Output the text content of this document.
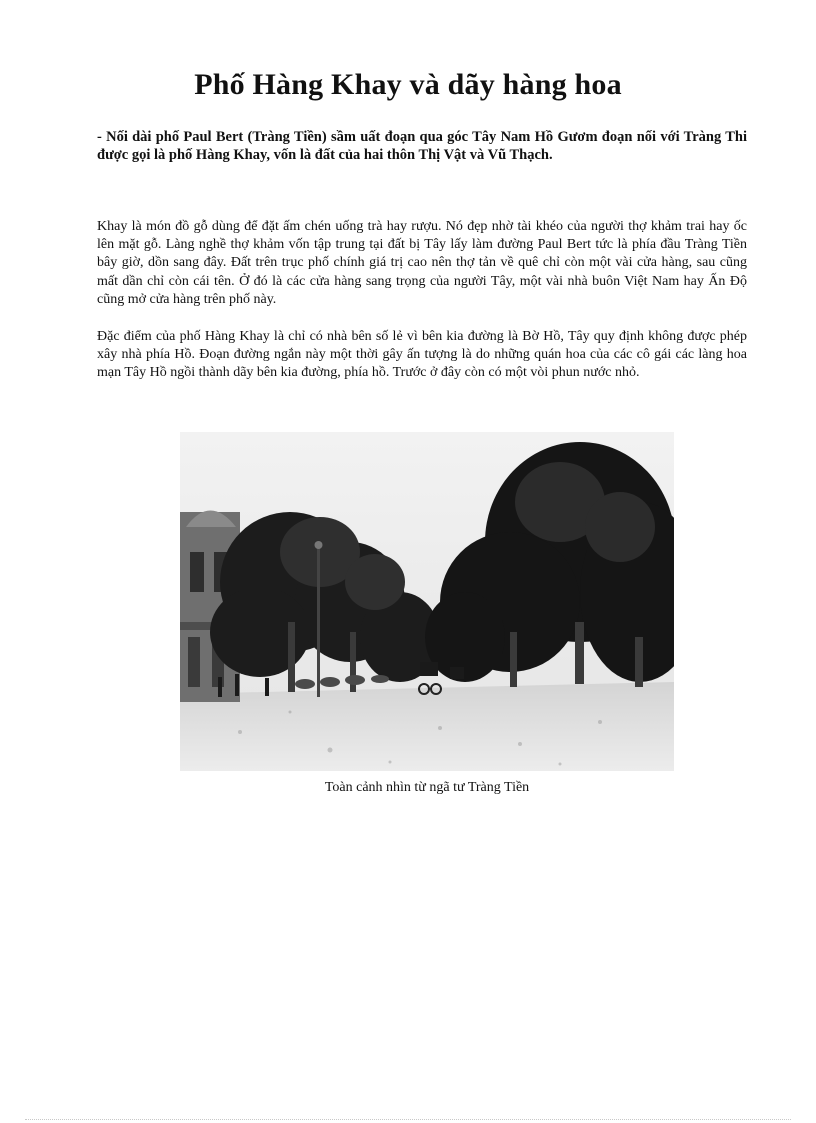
Phố Hàng Khay và dãy hàng hoa
- Nối dài phố Paul Bert (Tràng Tiền) sầm uất đoạn qua góc Tây Nam Hồ Gươm đoạn nối với Tràng Thi được gọi là phố Hàng Khay, vốn là đất của hai thôn Thị Vật và Vũ Thạch.
Khay là món đồ gỗ dùng để đặt ấm chén uống trà hay rượu. Nó đẹp nhờ tài khéo của người thợ khảm trai hay ốc lên mặt gỗ. Làng nghề thợ khảm vốn tập trung tại đất bị Tây lấy làm đường Paul Bert tức là phía đầu Tràng Tiền bây giờ, dồn sang đây. Đất trên trục phố chính giá trị cao nên thợ tản về quê chỉ còn một vài cửa hàng, sau cũng mất dần chỉ còn cái tên. Ở đó là các cửa hàng sang trọng của người Tây, một vài nhà buôn Việt Nam hay Ấn Độ cũng mở cửa hàng trên phố này.
Đặc điểm của phố Hàng Khay là chỉ có nhà bên số lẻ vì bên kia đường là Bờ Hồ, Tây quy định không được phép xây nhà phía Hồ. Đoạn đường ngắn này một thời gây ấn tượng là do những quán hoa của các cô gái các làng hoa mạn Tây Hồ ngồi thành dãy bên kia đường, phía hồ. Trước ở đây còn có một vòi phun nước nhỏ.
Toàn cảnh nhìn từ ngã tư Tràng Tiền
